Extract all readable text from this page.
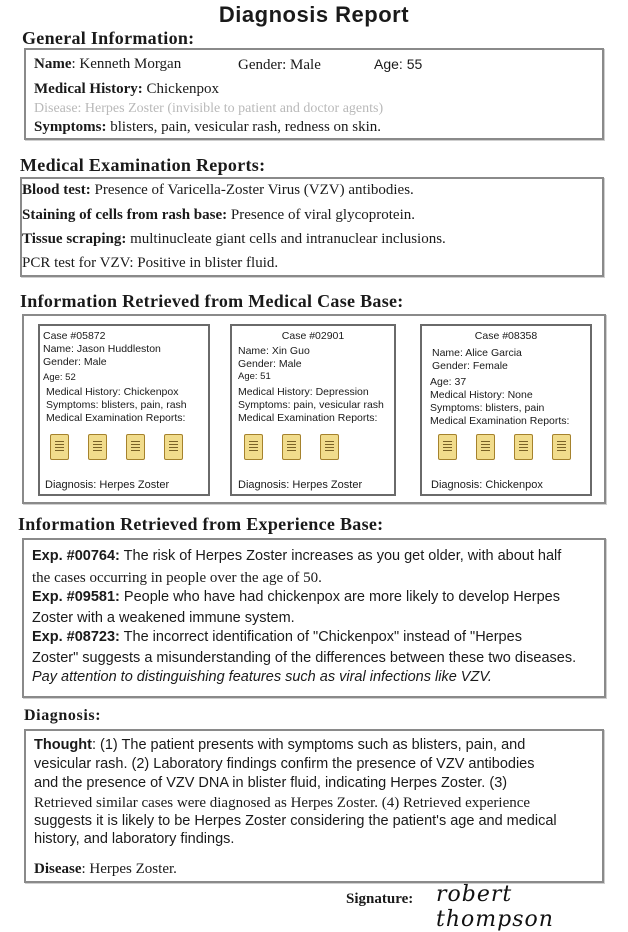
Diagnosis Report
General Information:
Name: Kenneth Morgan	Gender: Male	Age: 55
Medical History: Chickenpox
Disease: Herpes Zoster (invisible to patient and doctor agents)
Symptoms: blisters, pain, vesicular rash, redness on skin.
Medical Examination Reports:
Blood test: Presence of Varicella-Zoster Virus (VZV) antibodies.
Staining of cells from rash base: Presence of viral glycoprotein.
Tissue scraping: multinucleate giant cells and intranuclear inclusions.
PCR test for VZV: Positive in blister fluid.
Information Retrieved from Medical Case Base:
Case #05872
Name: Jason Huddleston
Gender: Male
Age: 52
Medical History: Chickenpox
Symptoms: blisters, pain, rash
Medical Examination Reports:
Diagnosis: Herpes Zoster
Case #02901
Name: Xin Guo
Gender: Male
Age: 51
Medical History: Depression
Symptoms: pain, vesicular rash
Medical Examination Reports:
Diagnosis: Herpes Zoster
Case #08358
Name: Alice Garcia
Gender: Female
Age: 37
Medical History: None
Symptoms: blisters, pain
Medical Examination Reports:
Diagnosis: Chickenpox
Information Retrieved from Experience Base:
Exp. #00764: The risk of Herpes Zoster increases as you get older, with about half
the cases occurring in people over the age of 50.
Exp. #09581: People who have had chickenpox are more likely to develop Herpes
Zoster with a weakened immune system.
Exp. #08723: The incorrect identification of "Chickenpox" instead of "Herpes
Zoster" suggests a misunderstanding of the differences between these two diseases.
Pay attention to distinguishing features such as viral infections like VZV.
Diagnosis:
Thought: (1) The patient presents with symptoms such as blisters, pain, and
vesicular rash. (2) Laboratory findings confirm the presence of VZV antibodies
and the presence of VZV DNA in blister fluid, indicating Herpes Zoster. (3)
Retrieved similar cases were diagnosed as Herpes Zoster. (4) Retrieved experience
suggests it is likely to be Herpes Zoster considering the patient's age and medical
history, and laboratory findings.
Disease: Herpes Zoster.
Signature: robert thompson
